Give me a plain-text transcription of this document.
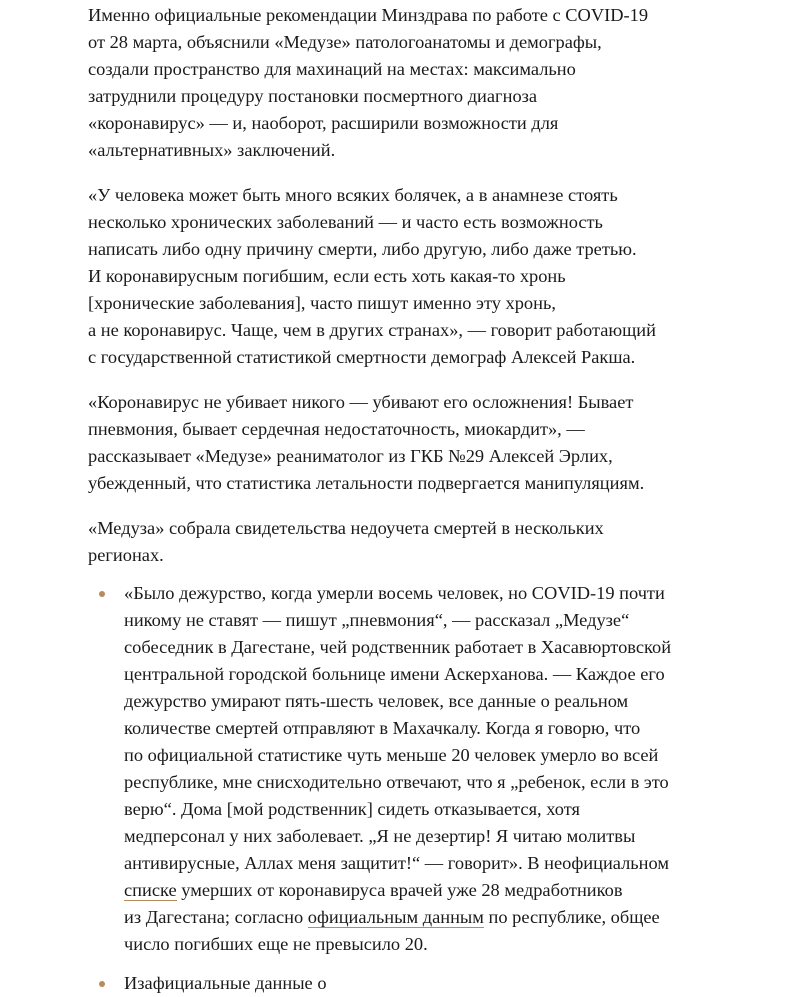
Именно официальные рекомендации Минздрава по работе с COVID-19
от 28 марта, объяснили «Медузе» патологоанатомы и демографы,
создали пространство для махинаций на местах: максимально
затруднили процедуру постановки посмертного диагноза
«коронавирус» — и, наоборот, расширили возможности для
«альтернативных» заключений.

«У человека может быть много всяких болячек, а в анамнезе стоять
несколько хронических заболеваний — и часто есть возможность
написать либо одну причину смерти, либо другую, либо даже третью.
И коронавирусным погибшим, если есть хоть какая-то хронь
[хронические заболевания], часто пишут именно эту хронь,
а не коронавирус. Чаще, чем в других странах», — говорит работающий
с государственной статистикой смертности демограф Алексей Ракша.

«Коронавирус не убивает никого — убивают его осложнения! Бывает
пневмония, бывает сердечная недостаточность, миокардит», —
рассказывает «Медузе» реаниматолог из ГКБ №29 Алексей Эрлих,
убежденный, что статистика летальности подвергается манипуляциям.

«Медуза» собрала свидетельства недоучета смертей в нескольких
регионах.

«Было дежурство, когда умерли восемь человек, но COVID-19 почти
никому не ставят — пишут „пневмония“, — рассказал „Медузе“
собеседник в Дагестане, чей родственник работает в Хасавюртовской
центральной городской больнице имени Аскерханова. — Каждое его
дежурство умирают пять-шесть человек, все данные о реальном
количестве смертей отправляют в Махачкалу. Когда я говорю, что
по официальной статистике чуть меньше 20 человек умерло во всей
республике, мне снисходительно отвечают, что я „ребенок, если в это
верю“. Дома [мой родственник] сидеть отказывается, хотя
медперсонал у них заболевает. „Я не дезертир! Я читаю молитвы
антивирусные, Аллах меня защитит!“ — говорит». В неофициальном
списке умерших от коронавируса врачей уже 28 медработников
из Дагестана; согласно официальным данным по республике, общее
число погибших еще не превысило 20.
Изафициальные данные о
